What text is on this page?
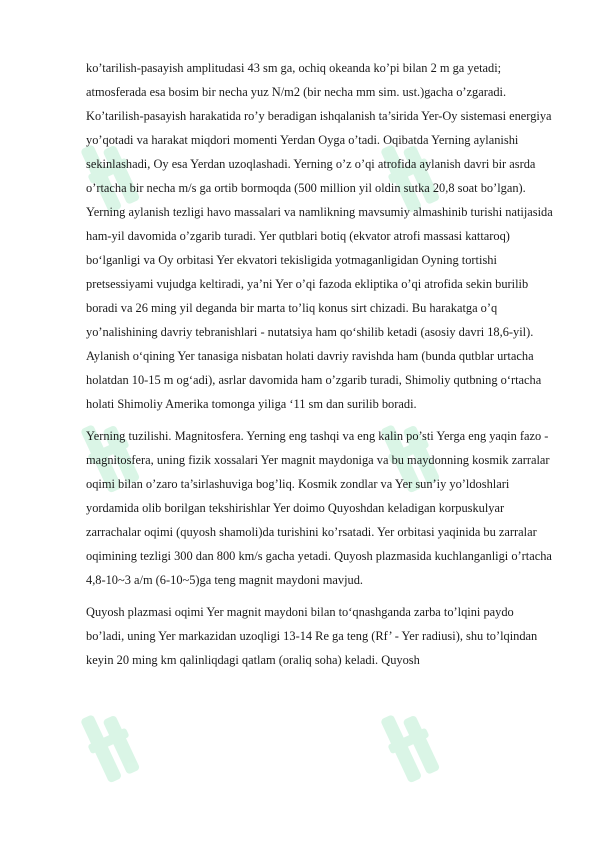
ko’tarilish-pasayish amplitudasi 43 sm ga, ochiq okeanda ko’pi bilan 2 m ga yetadi; atmosferada esa bosim bir necha yuz N/m2 (bir necha mm sim. ust.)gacha o’zgaradi. Ko’tarilish-pasayish harakatida ro’y beradigan ishqalanish ta’sirida Yer-Oy sistemasi energiya yo’qotadi va harakat miqdori momenti Yerdan Oyga o’tadi. Oqibatda Yerning aylanishi sekinlashadi, Oy esa Yerdan uzoqlashadi. Yerning o’z o’qi atrofida aylanish davri bir asrda o’rtacha bir necha m/s ga ortib bormoqda (500 million yil oldin sutka 20,8 soat bo’lgan). Yerning aylanish tezligi havo massalari va namlikning mavsumiy almashinib turishi natijasida ham-yil davomida o’zgarib turadi. Yer qutblari botiq (ekvator atrofi massasi kattaroq) bo‘lganligi va Oy orbitasi Yer ekvatori tekisligida yotmaganligidan Oyning tortishi pretsessiyami vujudga keltiradi, ya’ni Yer o’qi fazoda ekliptika o’qi atrofida sekin burilib boradi va 26 ming yil deganda bir marta to’liq konus sirt chizadi. Bu harakatga o’q yo’nalishining davriy tebranishlari - nutatsiya ham qo‘shilib ketadi (asosiy davri 18,6-yil). Aylanish o‘qining Yer tanasiga nisbatan holati davriy ravishda ham (bunda qutblar urtacha holatdan 10-15 m og‘adi), asrlar davomida ham o’zgarib turadi, Shimoliy qutbning o‘rtacha holati Shimoliy Amerika tomonga yiliga ‘11 sm dan surilib boradi.

Yerning tuzilishi. Magnitosfera. Yerning eng tashqi va eng kalin po’sti Yerga eng yaqin fazo - magnitosfera, uning fizik xossalari Yer magnit maydoniga va bu maydonning kosmik zarralar oqimi bilan o’zaro ta’sirlashuviga bog’liq. Kosmik zondlar va Yer sun’iy yo’ldoshlari yordamida olib borilgan tekshirishlar Yer doimo Quyoshdan keladigan korpuskulyar zarrachalar oqimi (quyosh shamoli)da turishini ko’rsatadi. Yer orbitasi yaqinida bu zarralar oqimining tezligi 300 dan 800 km/s gacha yetadi. Quyosh plazmasida kuchlanganligi o’rtacha 4,8-10~3 a/m (6-10~5)ga teng magnit maydoni mavjud.

Quyosh plazmasi oqimi Yer magnit maydoni bilan to‘qnashganda zarba to’lqini paydo bo’ladi, uning Yer markazidan uzoqligi 13-14 Re ga teng (Rf’ - Yer radiusi), shu to’lqindan keyin 20 ming km qalinliqdagi qatlam (oraliq soha) keladi. Quyosh
